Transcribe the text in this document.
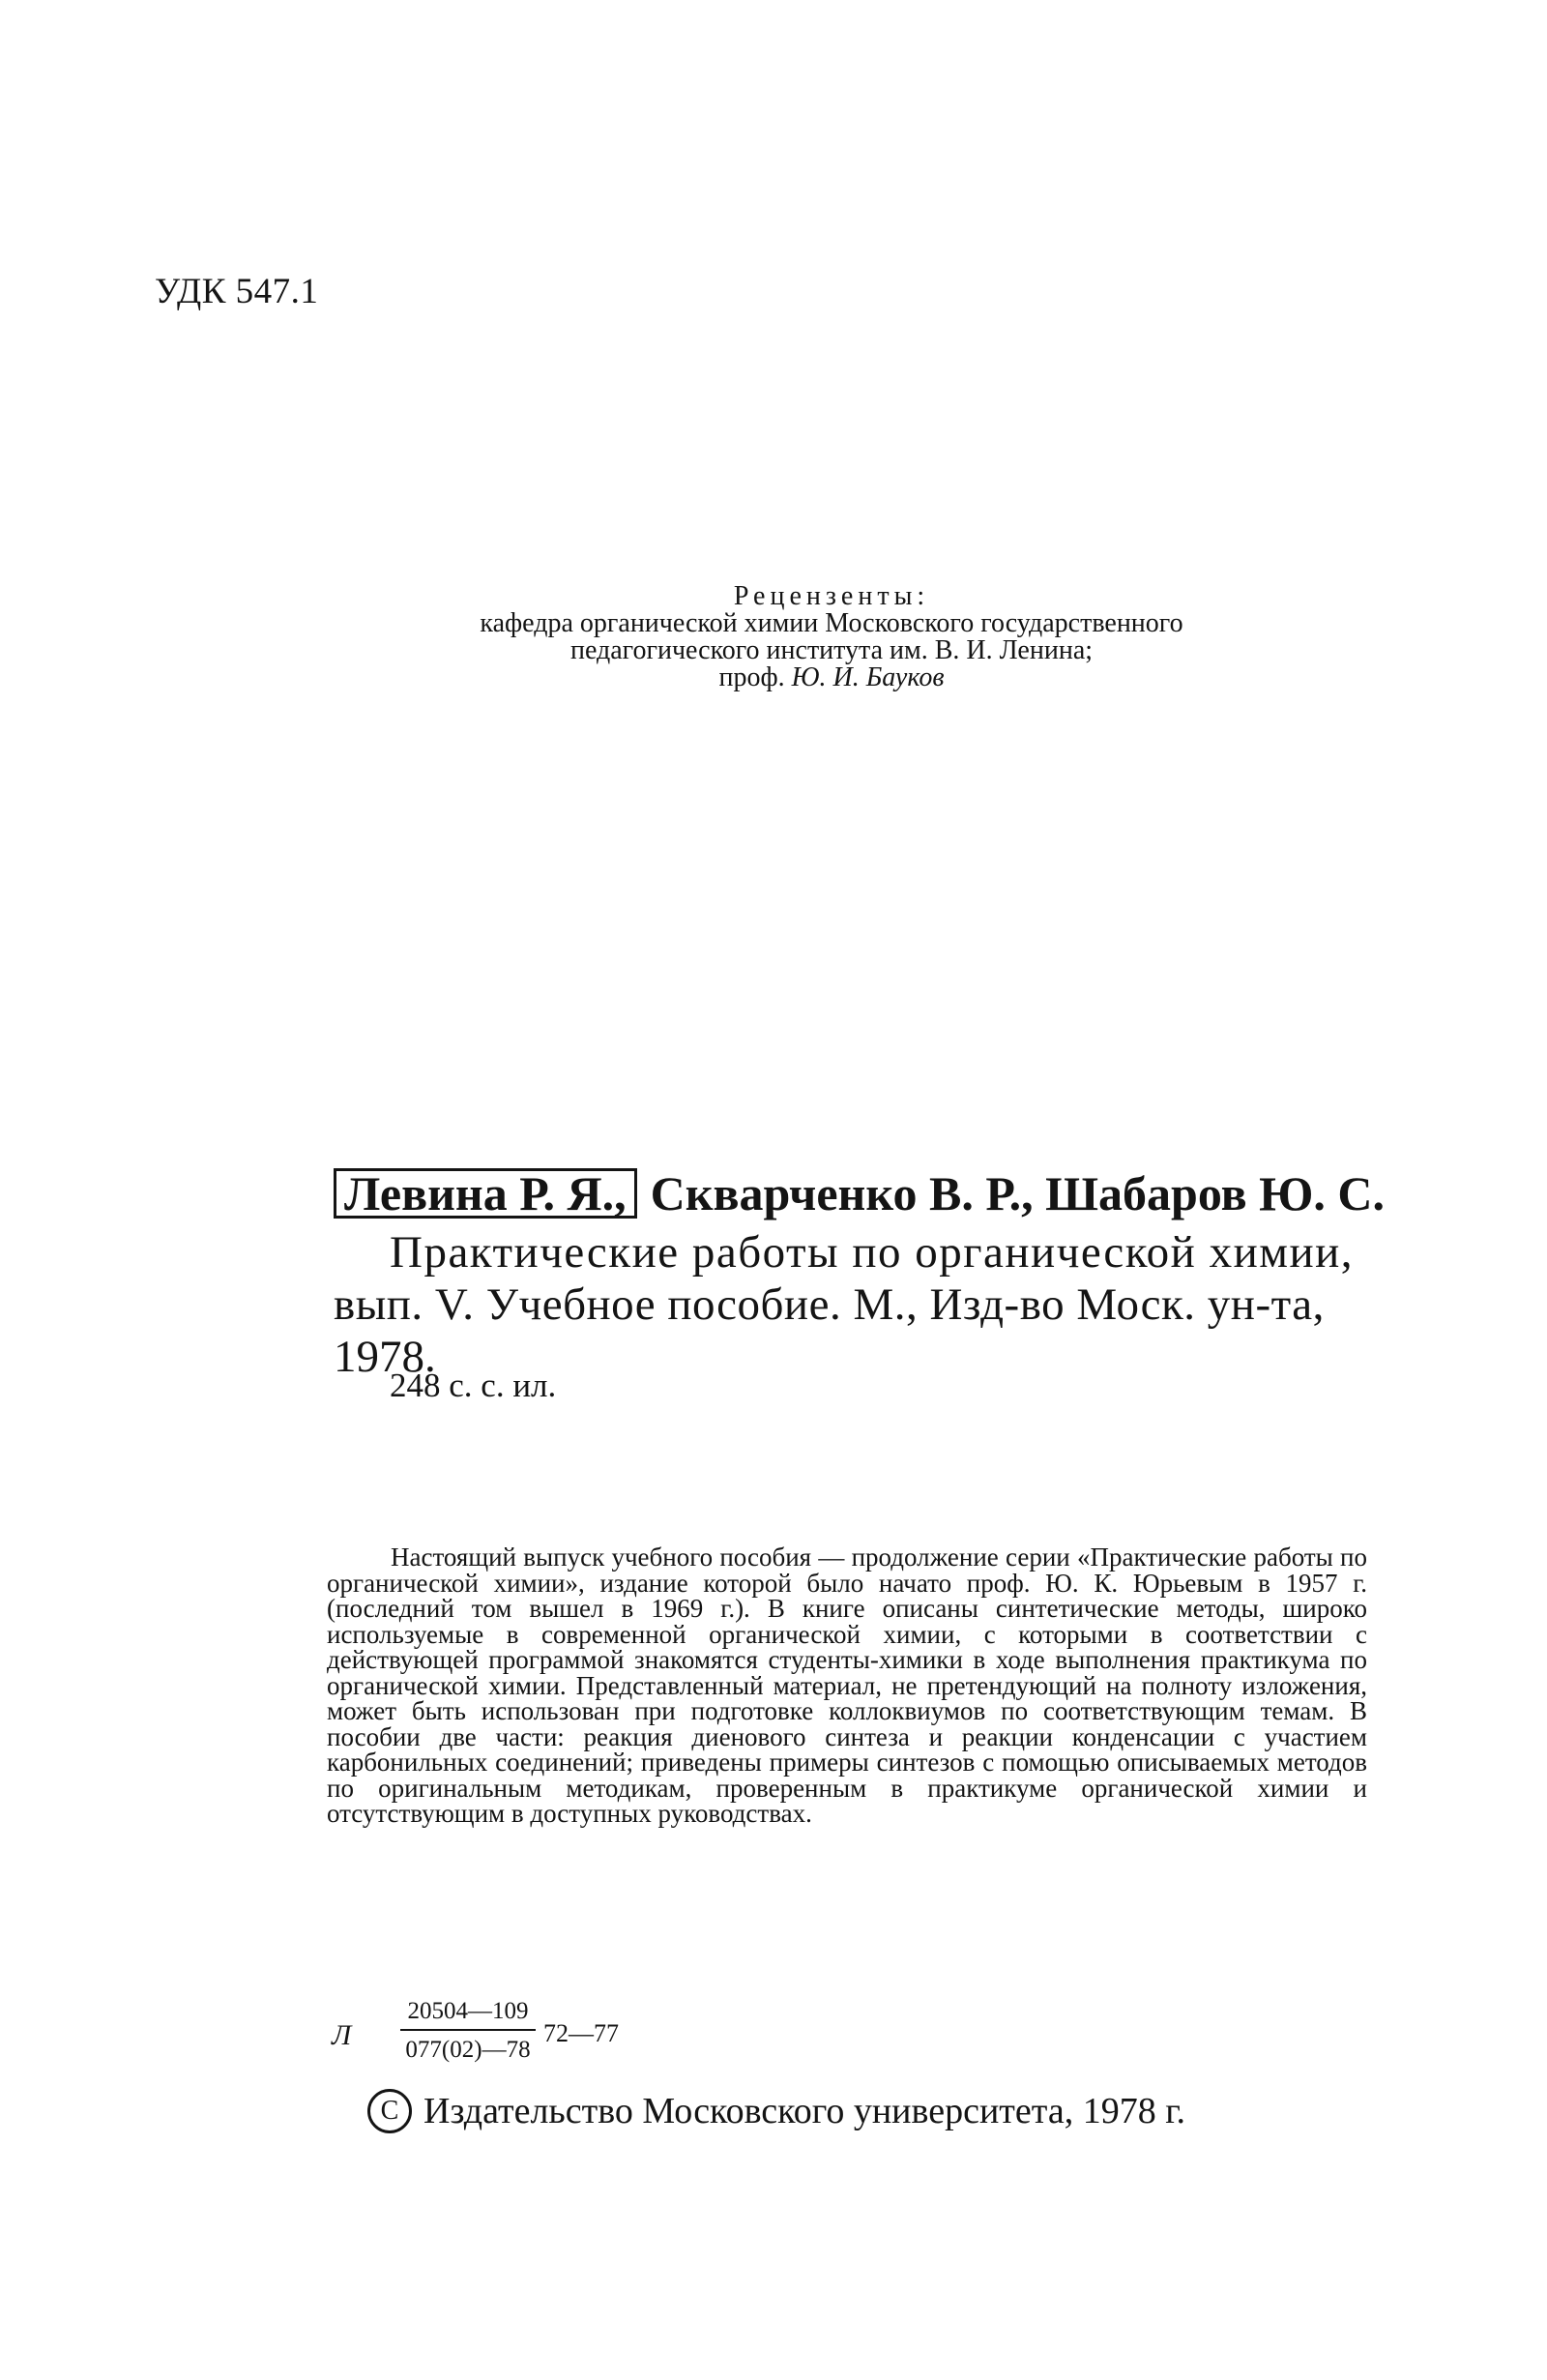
УДК 547.1
Рецензенты:
кафедра органической химии Московского государственного
педагогического института им. В. И. Ленина;
проф. Ю. И. Бауков
Левина Р. Я., Скварченко В. Р., Шабаров Ю. С.
Практические работы по органической химии,
вып. V. Учебное пособие. М., Изд-во Моск. ун-та,
1978.
248 с. с. ил.

Настоящий выпуск учебного пособия — продолжение серии «Практические работы по органической химии», издание которой было начато проф. Ю. К. Юрьевым в 1957 г. (последний том вышел в 1969 г.). В книге описаны синтетические методы, широко используемые в современной органической химии, с которыми в соответствии с действующей программой знакомятся студенты-химики в ходе выполнения практикума по органической химии. Представленный материал, не претендующий на полноту изложения, может быть использован при подготовке коллоквиумов по соответствующим темам. В пособии две части: реакция диенового синтеза и реакции конденсации с участием карбонильных соединений; приведены примеры синтезов с помощью описываемых методов по оригинальным методикам, проверенным в практикуме органической химии и отсутствующим в доступных руководствах.

Л $\frac{20504—109}{077(02)—78}$ 72—77
С Издательство Московского университета, 1978 г.
